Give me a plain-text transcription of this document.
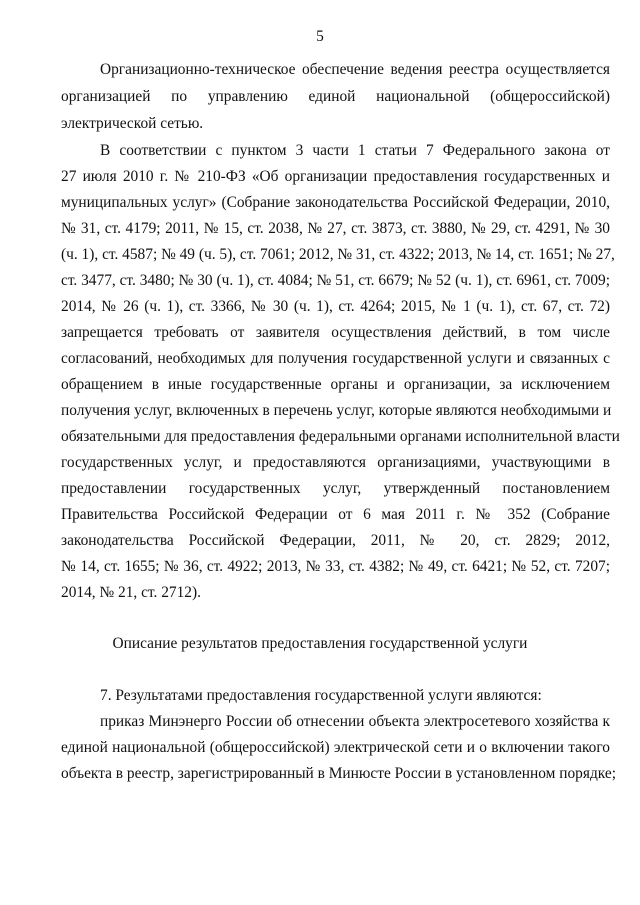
5
Организационно-техническое обеспечение ведения реестра осуществляется
организацией по управлению единой национальной (общероссийской)
электрической сетью.
В соответствии с пунктом 3 части 1 статьи 7 Федерального закона от
27 июля 2010 г. № 210-ФЗ «Об организации предоставления государственных и
муниципальных услуг» (Собрание законодательства Российской Федерации, 2010,
№ 31, ст. 4179; 2011, № 15, ст. 2038, № 27, ст. 3873, ст. 3880, № 29, ст. 4291, № 30
(ч. 1), ст. 4587; № 49 (ч. 5), ст. 7061; 2012, № 31, ст. 4322; 2013, № 14, ст. 1651; № 27,
ст. 3477, ст. 3480; № 30 (ч. 1), ст. 4084; № 51, ст. 6679; № 52 (ч. 1), ст. 6961, ст. 7009;
2014, № 26 (ч. 1), ст. 3366, № 30 (ч. 1), ст. 4264; 2015, № 1 (ч. 1), ст. 67, ст. 72)
запрещается требовать от заявителя осуществления действий, в том числе
согласований, необходимых для получения государственной услуги и связанных с
обращением в иные государственные органы и организации, за исключением
получения услуг, включенных в перечень услуг, которые являются необходимыми и
обязательными для предоставления федеральными органами исполнительной власти
государственных услуг, и предоставляются организациями, участвующими в
предоставлении государственных услуг, утвержденный постановлением
Правительства Российской Федерации от 6 мая 2011 г. № 352 (Собрание
законодательства Российской Федерации, 2011, № 20, ст. 2829; 2012,
№ 14, ст. 1655; № 36, ст. 4922; 2013, № 33, ст. 4382; № 49, ст. 6421; № 52, ст. 7207;
2014, № 21, ст. 2712).
Описание результатов предоставления государственной услуги
7. Результатами предоставления государственной услуги являются:
приказ Минэнерго России об отнесении объекта электросетевого хозяйства к
единой национальной (общероссийской) электрической сети и о включении такого
объекта в реестр, зарегистрированный в Минюсте России в установленном порядке;
